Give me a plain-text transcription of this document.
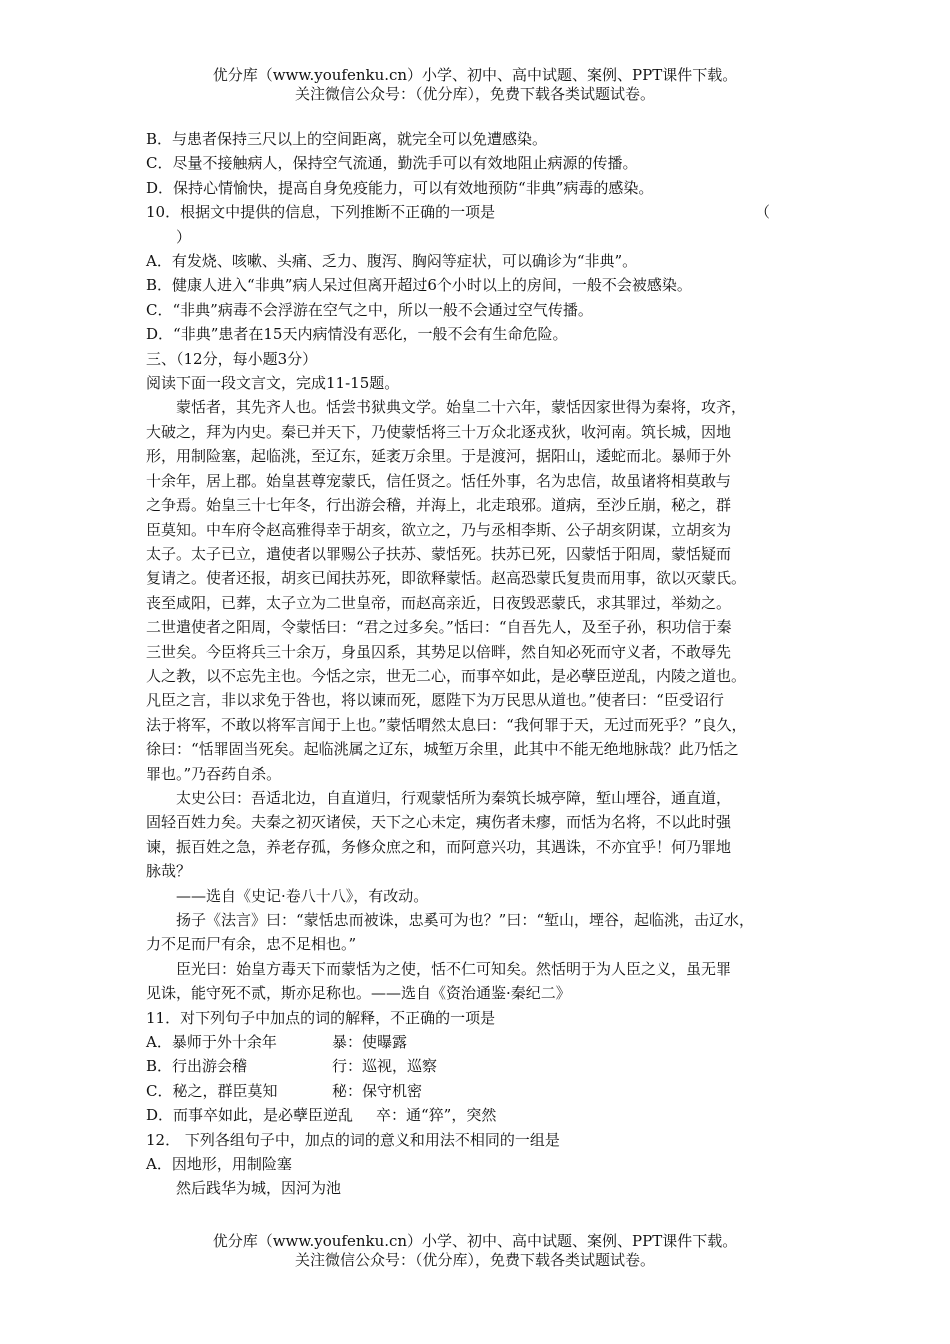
优分库（www.youfenku.cn）小学、初中、高中试题、案例、PPT课件下载。
关注微信公众号：（优分库），免费下载各类试题试卷。

B．与患者保持三尺以上的空间距离，就完全可以免遭感染。

C．尽量不接触病人，保持空气流通，勤洗手可以有效地阻止病源的传播。

D．保持心情愉快，提高自身免疫能力，可以有效地预防“非典”病毒的感染。

10．根据文中提供的信息，下列推断不正确的一项是	（

）

A．有发烧、咳嗽、头痛、乏力、腹泻、胸闷等症状，可以确诊为“非典”。

B．健康人进入“非典”病人呆过但离开超过6个小时以上的房间，一般不会被感染。

C．“非典”病毒不会浮游在空气之中，所以一般不会通过空气传播。

D．“非典”患者在15天内病情没有恶化，一般不会有生命危险。

三、（12分，每小题3分）

阅读下面一段文言文，完成11-15题。

蒙恬者，其先齐人也。恬尝书狱典文学。始皇二十六年，蒙恬因家世得为秦将，攻齐，

大破之，拜为内史。秦已并天下，乃使蒙恬将三十万众北逐戎狄，收河南。筑长城，因地

形，用制险塞，起临洮，至辽东，延袤万余里。于是渡河，据阳山，逶蛇而北。暴师于外

十余年，居上郡。始皇甚尊宠蒙氏，信任贤之。恬任外事，名为忠信，故虽诸将相莫敢与

之争焉。始皇三十七年冬，行出游会稽，并海上，北走琅邪。道病，至沙丘崩，秘之，群

臣莫知。中车府令赵高雅得幸于胡亥，欲立之，乃与丞相李斯、公子胡亥阴谋，立胡亥为

太子。太子已立，遣使者以罪赐公子扶苏、蒙恬死。扶苏已死，囚蒙恬于阳周，蒙恬疑而

复请之。使者还报，胡亥已闻扶苏死，即欲释蒙恬。赵高恐蒙氏复贵而用事，欲以灭蒙氏。

丧至咸阳，已葬，太子立为二世皇帝，而赵高亲近，日夜毁恶蒙氏，求其罪过，举劾之。

二世遣使者之阳周，令蒙恬曰：“君之过多矣。”恬曰：“自吾先人，及至子孙，积功信于秦

三世矣。今臣将兵三十余万，身虽囚系，其势足以倍畔，然自知必死而守义者，不敢辱先

人之教，以不忘先主也。今恬之宗，世无二心，而事卒如此，是必孽臣逆乱，内陵之道也。

凡臣之言，非以求免于咎也，将以谏而死，愿陛下为万民思从道也。”使者曰：“臣受诏行

法于将军，不敢以将军言闻于上也。”蒙恬喟然太息曰：“我何罪于天，无过而死乎？”良久，

徐曰：“恬罪固当死矣。起临洮属之辽东，城堑万余里，此其中不能无绝地脉哉？此乃恬之

罪也。”乃吞药自杀。

太史公曰：吾适北边，自直道归，行观蒙恬所为秦筑长城亭障，堑山堙谷，通直道，

固轻百姓力矣。夫秦之初灭诸侯，天下之心未定，痍伤者未瘳，而恬为名将，不以此时强

谏，振百姓之急，养老存孤，务修众庶之和，而阿意兴功，其遇诛，不亦宜乎！何乃罪地

脉哉？

——选自《史记·卷八十八》，有改动。

扬子《法言》曰：“蒙恬忠而被诛，忠奚可为也？”曰：“堑山，堙谷，起临洮，击辽水，

力不足而尸有余，忠不足相也。”

臣光曰：始皇方毒天下而蒙恬为之使，恬不仁可知矣。然恬明于为人臣之义，虽无罪

见诛，能守死不贰，斯亦足称也。——选自《资治通鉴·秦纪二》

11．对下列句子中加点的词的解释，不正确的一项是

A．暴师于外十余年	暴：使曝露

B．行出游会稽	行：巡视，巡察

C．秘之，群臣莫知	秘：保守机密

D．而事卒如此，是必孽臣逆乱	卒：通“猝”，突然

12． 下列各组句子中，加点的词的意义和用法不相同的一组是

A．因地形，用制险塞

然后践华为城，因河为池

优分库（www.youfenku.cn）小学、初中、高中试题、案例、PPT课件下载。
关注微信公众号：（优分库），免费下载各类试题试卷。
